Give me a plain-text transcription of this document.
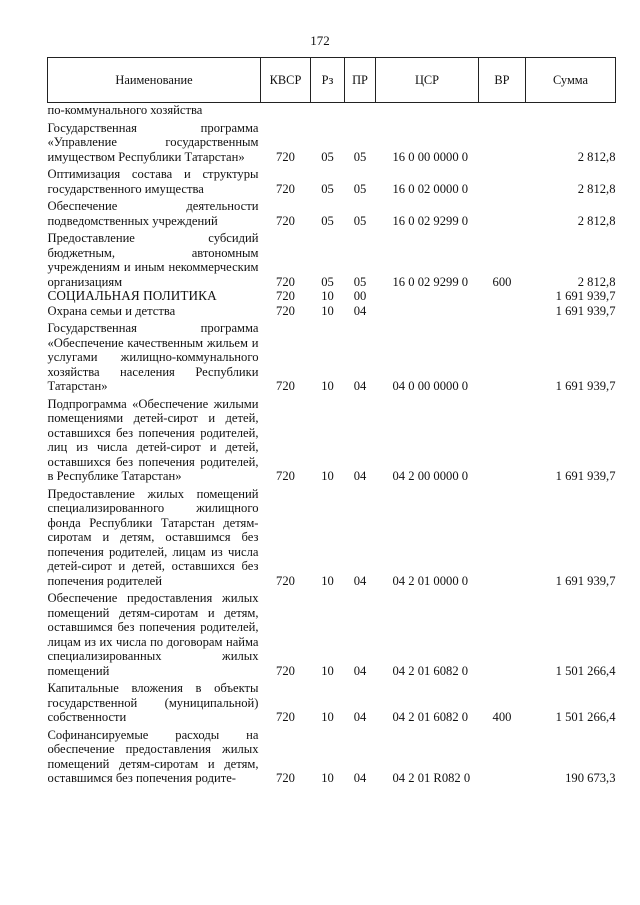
172
Наименование	КВСР	Рз	ПР	ЦСР	ВР	Сумма
по-коммунального хозяйства						
Государственная программа «Управление государственным имуществом Республики Татарстан»	720	05	05	16 0 00 0000 0		2 812,8
Оптимизация состава и структуры государственного имущества	720	05	05	16 0 02 0000 0		2 812,8
Обеспечение деятельности подведомственных учреждений	720	05	05	16 0 02 9299 0		2 812,8
Предоставление субсидий бюджетным, автономным учреждениям и иным некоммерческим организациям	720	05	05	16 0 02 9299 0	600	2 812,8
СОЦИАЛЬНАЯ ПОЛИТИКА	720	10	00			1 691 939,7
Охрана семьи и детства	720	10	04			1 691 939,7
Государственная программа «Обеспечение качественным жильем и услугами жилищно-коммунального хозяйства населения Республики Татарстан»	720	10	04	04 0 00 0000 0		1 691 939,7
Подпрограмма «Обеспечение жилыми помещениями детей-сирот и детей, оставшихся без попечения родителей, лиц из числа детей-сирот и детей, оставшихся без попечения родителей, в Республике Татарстан»	720	10	04	04 2 00 0000 0		1 691 939,7
Предоставление жилых помещений специализированного жилищного фонда Республики Татарстан детям-сиротам и детям, оставшимся без попечения родителей, лицам из числа детей-сирот и детей, оставшихся без попечения родителей	720	10	04	04 2 01 0000 0		1 691 939,7
Обеспечение предоставления жилых помещений детям-сиротам и детям, оставшимся без попечения родителей, лицам из их числа по договорам найма специализированных жилых помещений	720	10	04	04 2 01 6082 0		1 501 266,4
Капитальные вложения в объекты государственной (муниципальной) собственности	720	10	04	04 2 01 6082 0	400	1 501 266,4
Софинансируемые расходы на обеспечение предоставления жилых помещений детям-сиротам и детям, оставшимся без попечения родите-	720	10	04	04 2 01 R082 0		190 673,3
